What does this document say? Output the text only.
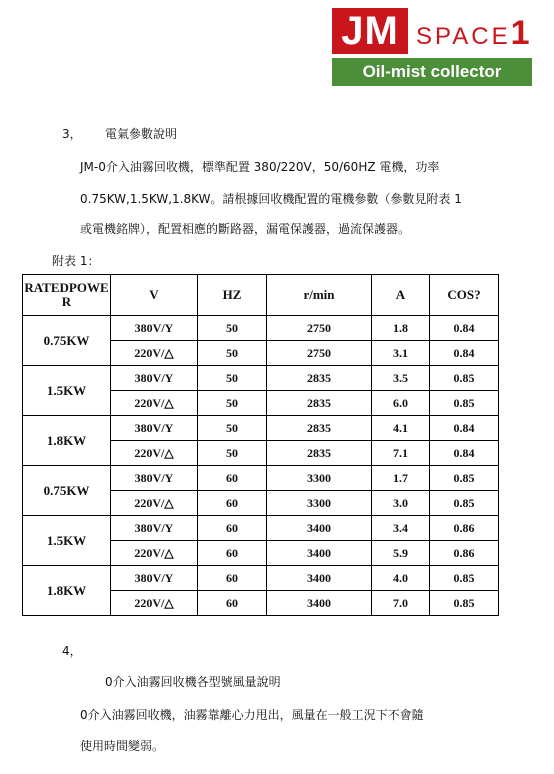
JM SPACE1
Oil-mist collector
3， 電氣參數說明
JM-0介入油霧回收機，標準配置 380/220V，50/60HZ 電機，功率
0.75KW,1.5KW,1.8KW。請根據回收機配置的電機參數（參數見附表 1
或電機銘牌），配置相應的斷路器，漏電保護器，過流保護器。
附表 1：
RATEDPOWER	V	HZ	r/min	A	COS?
0.75KW	380V/Y	50	2750	1.8	0.84
	220V/△	50	2750	3.1	0.84
1.5KW	380V/Y	50	2835	3.5	0.85
	220V/△	50	2835	6.0	0.85
1.8KW	380V/Y	50	2835	4.1	0.84
	220V/△	50	2835	7.1	0.84
0.75KW	380V/Y	60	3300	1.7	0.85
	220V/△	60	3300	3.0	0.85
1.5KW	380V/Y	60	3400	3.4	0.86
	220V/△	60	3400	5.9	0.86
1.8KW	380V/Y	60	3400	4.0	0.85
	220V/△	60	3400	7.0	0.85
4，
0介入油霧回收機各型號風量說明
0介入油霧回收機，油霧靠離心力甩出，風量在一般工況下不會隨
使用時間變弱。
